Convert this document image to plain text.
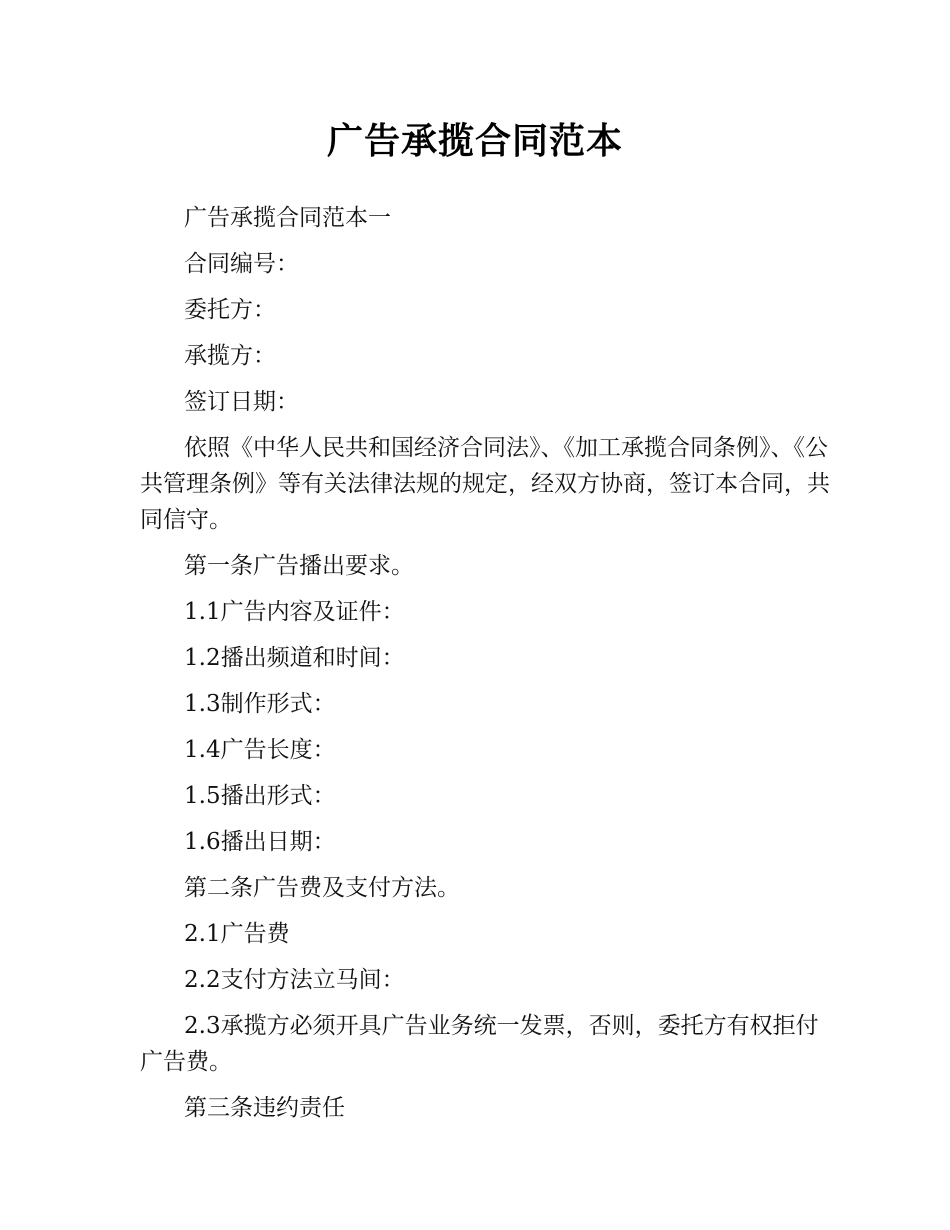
广告承揽合同范本

广告承揽合同范本一

合同编号：

委托方：

承揽方：

签订日期：

依照《中华人民共和国经济合同法》、《加工承揽合同条例》、《公共管理条例》等有关法律法规的规定，经双方协商，签订本合同，共同信守。

第一条广告播出要求。

1.1广告内容及证件：

1.2播出频道和时间：

1.3制作形式：

1.4广告长度：

1.5播出形式：

1.6播出日期：

第二条广告费及支付方法。

2.1广告费

2.2支付方法立马间：

2.3承揽方必须开具广告业务统一发票，否则，委托方有权拒付广告费。

第三条违约责任
